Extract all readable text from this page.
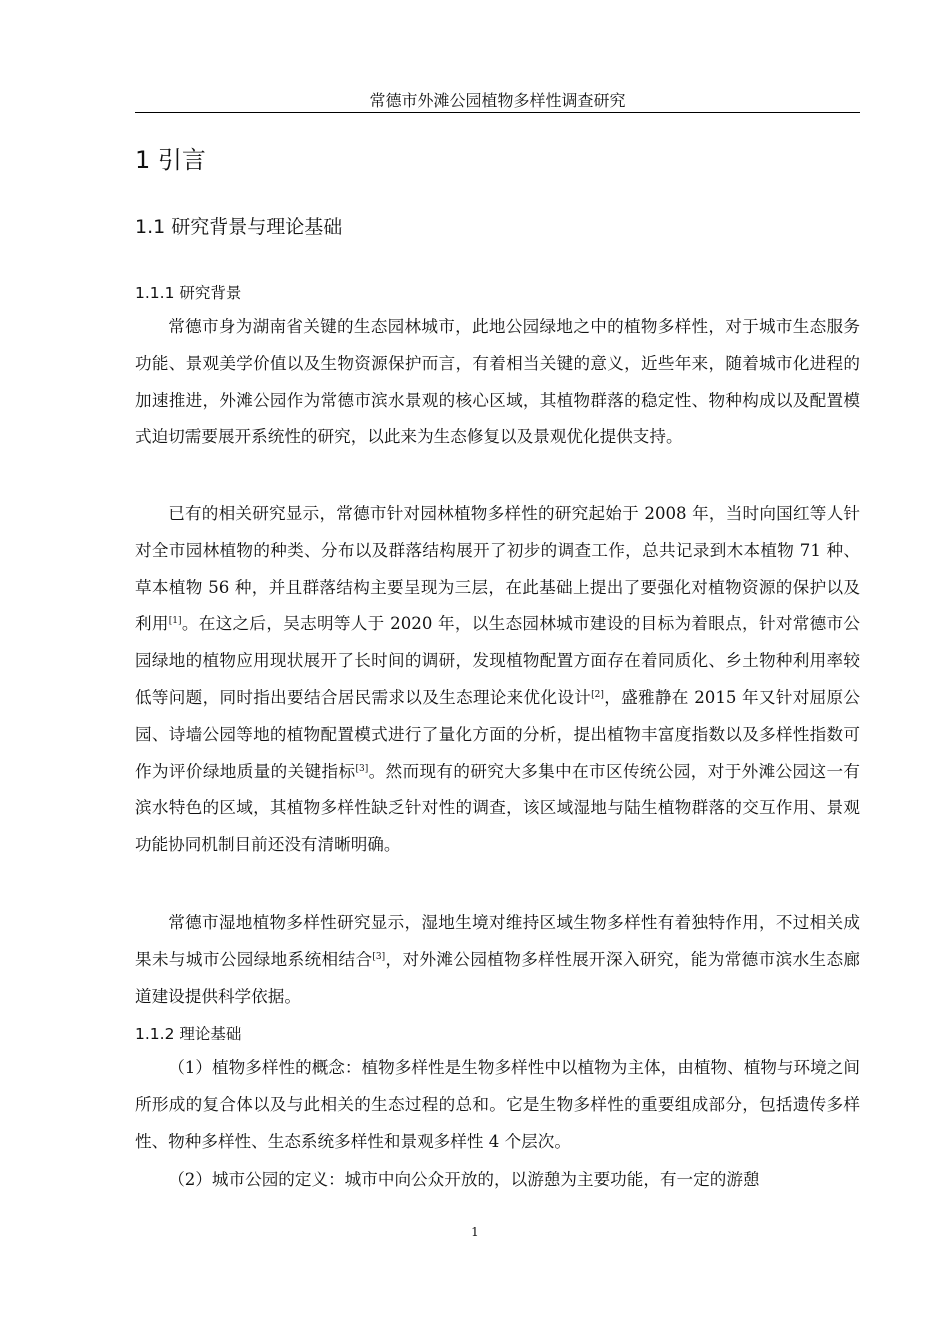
常德市外滩公园植物多样性调查研究
1 引言
1.1 研究背景与理论基础
1.1.1 研究背景

常德市身为湖南省关键的生态园林城市，此地公园绿地之中的植物多样性，对于城市生态服务功能、景观美学价值以及生物资源保护而言，有着相当关键的意义，近些年来，随着城市化进程的加速推进，外滩公园作为常德市滨水景观的核心区域，其植物群落的稳定性、物种构成以及配置模式迫切需要展开系统性的研究，以此来为生态修复以及景观优化提供支持。

已有的相关研究显示，常德市针对园林植物多样性的研究起始于 2008 年，当时向国红等人针对全市园林植物的种类、分布以及群落结构展开了初步的调查工作，总共记录到木本植物 71 种、草本植物 56 种，并且群落结构主要呈现为三层，在此基础上提出了要强化对植物资源的保护以及利用[1]。在这之后，吴志明等人于 2020 年，以生态园林城市建设的目标为着眼点，针对常德市公园绿地的植物应用现状展开了长时间的调研，发现植物配置方面存在着同质化、乡土物种利用率较低等问题，同时指出要结合居民需求以及生态理论来优化设计[2]，盛雅静在 2015 年又针对屈原公园、诗墙公园等地的植物配置模式进行了量化方面的分析，提出植物丰富度指数以及多样性指数可作为评价绿地质量的关键指标[3]。然而现有的研究大多集中在市区传统公园，对于外滩公园这一有滨水特色的区域，其植物多样性缺乏针对性的调查，该区域湿地与陆生植物群落的交互作用、景观功能协同机制目前还没有清晰明确。

常德市湿地植物多样性研究显示，湿地生境对维持区域生物多样性有着独特作用，不过相关成果未与城市公园绿地系统相结合[3]，对外滩公园植物多样性展开深入研究，能为常德市滨水生态廊道建设提供科学依据。

1.1.2 理论基础

（1）植物多样性的概念：植物多样性是生物多样性中以植物为主体，由植物、植物与环境之间所形成的复合体以及与此相关的生态过程的总和。它是生物多样性的重要组成部分，包括遗传多样性、物种多样性、生态系统多样性和景观多样性 4 个层次。

（2）城市公园的定义：城市中向公众开放的，以游憩为主要功能，有一定的游憩

1
